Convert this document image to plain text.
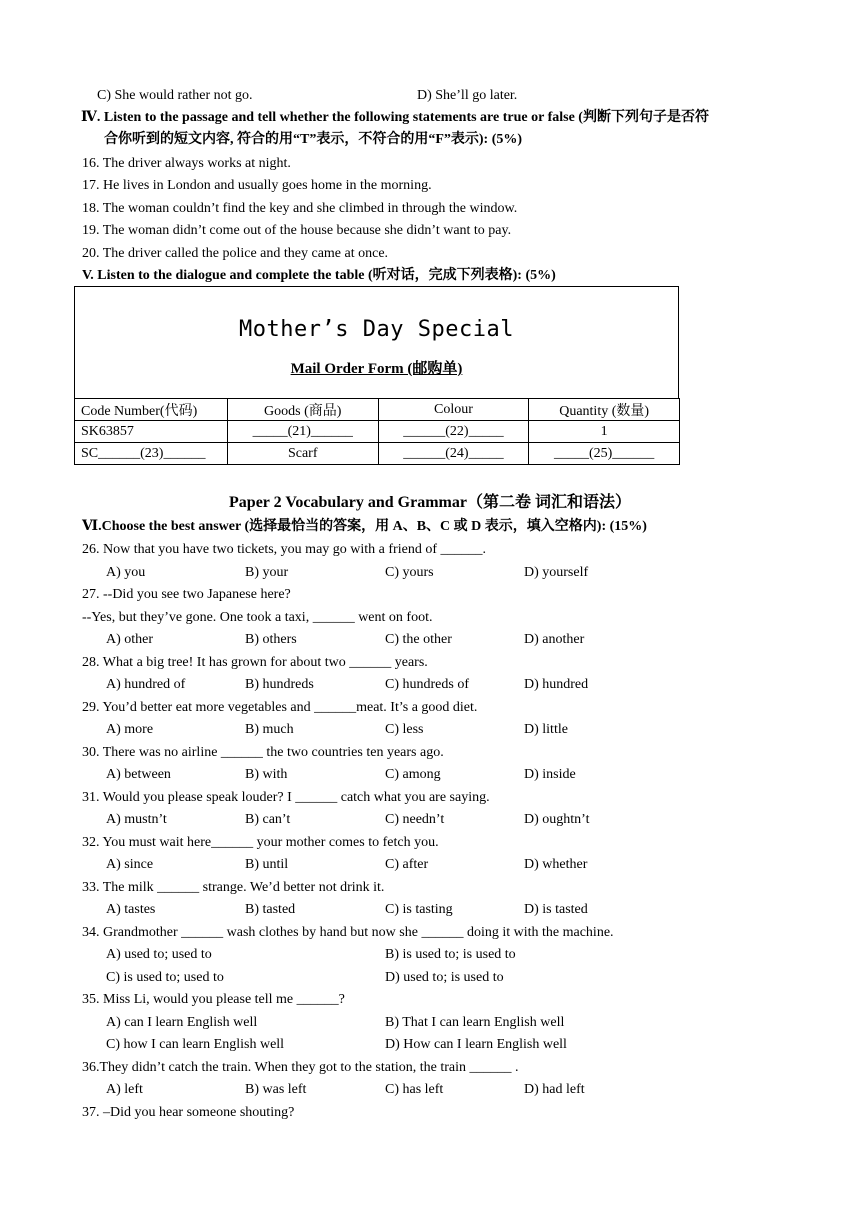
C) She would rather not go.	D) She’ll go later.
Ⅳ. Listen to the passage and tell whether the following statements are true or false (判断下列句子是否符
合你听到的短文内容, 符合的用“T”表示，不符合的用“F”表示): (5%)
16. The driver always works at night.
17. He lives in London and usually goes home in the morning.
18. The woman couldn’t find the key and she climbed in through the window.
19. The woman didn’t come out of the house because she didn’t want to pay.
20. The driver called the police and they came at once.
V. Listen to the dialogue and complete the table (听对话，完成下列表格): (5%)
Mother’s Day Special
Mail Order Form (邮购单)
Code Number(代码)	Goods (商品)	Colour	Quantity (数量)
SK63857	_____(21)______	______(22)_____	1
SC______(23)______	Scarf	______(24)_____	_____(25)______
Paper 2 Vocabulary and Grammar（第二卷 词汇和语法）
Ⅵ.Choose the best answer (选择最恰当的答案，用 A、B、C 或 D 表示，填入空格内): (15%)
26. Now that you have two tickets, you may go with a friend of ______.
A) you	B) your	C) yours	D) yourself
27. --Did you see two Japanese here?
--Yes, but they’ve gone. One took a taxi, ______ went on foot.
A) other	B) others	C) the other	D) another
28. What a big tree! It has grown for about two ______ years.
A) hundred of	B) hundreds	C) hundreds of	D) hundred
29. You’d better eat more vegetables and ______meat. It’s a good diet.
A) more	B) much	C) less	D) little
30. There was no airline ______ the two countries ten years ago.
A) between	B) with	C) among	D) inside
31. Would you please speak louder? I ______ catch what you are saying.
A) mustn’t	B) can’t	C) needn’t	D) oughtn’t
32. You must wait here______ your mother comes to fetch you.
A) since	B) until	C) after	D) whether
33. The milk ______ strange. We’d better not drink it.
A) tastes	B) tasted	C) is tasting	D) is tasted
34. Grandmother ______ wash clothes by hand but now she ______ doing it with the machine.
A) used to; used to	B) is used to; is used to
C) is used to; used to	D) used to; is used to
35. Miss Li, would you please tell me ______?
A) can I learn English well	B) That I can learn English well
C) how I can learn English well	D) How can I learn English well
36.They didn’t catch the train. When they got to the station, the train ______ .
A) left	B) was left	C) has left	D) had left
37. –Did you hear someone shouting?
